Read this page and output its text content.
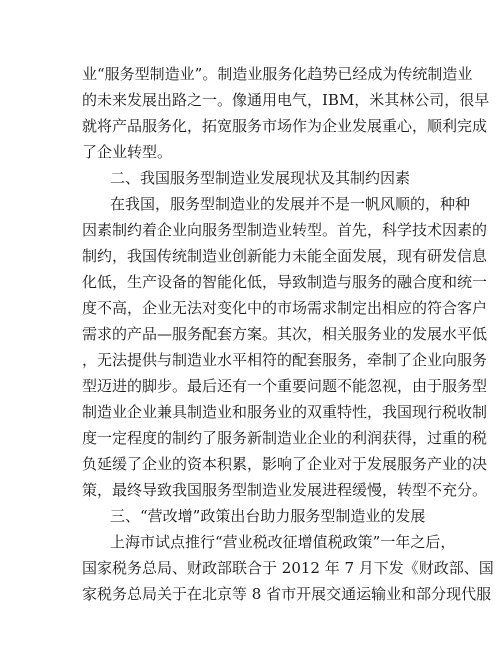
业“服务型制造业”。制造业服务化趋势已经成为传统制造业
的未来发展出路之一。像通用电气，IBM，米其林公司，很早
就将产品服务化，拓宽服务市场作为企业发展重心，顺利完成
了企业转型。
二、我国服务型制造业发展现状及其制约因素
在我国，服务型制造业的发展并不是一帆风顺的，种种
因素制约着企业向服务型制造业转型。首先，科学技术因素的
制约，我国传统制造业创新能力未能全面发展，现有研发信息
化低，生产设备的智能化低，导致制造与服务的融合度和统一
度不高，企业无法对变化中的市场需求制定出相应的符合客户
需求的产品—服务配套方案。其次，相关服务业的发展水平低
，无法提供与制造业水平相符的配套服务，牵制了企业向服务
型迈进的脚步。最后还有一个重要问题不能忽视，由于服务型
制造业企业兼具制造业和服务业的双重特性，我国现行税收制
度一定程度的制约了服务新制造业企业的利润获得，过重的税
负延缓了企业的资本积累，影响了企业对于发展服务产业的决
策，最终导致我国服务型制造业发展进程缓慢，转型不充分。
三、“营改增”政策出台助力服务型制造业的发展
上海市试点推行“营业税改征增值税政策”一年之后，
国家税务总局、财政部联合于 2012 年 7 月下发《财政部、国
家税务总局关于在北京等 8 省市开展交通运输业和部分现代服
